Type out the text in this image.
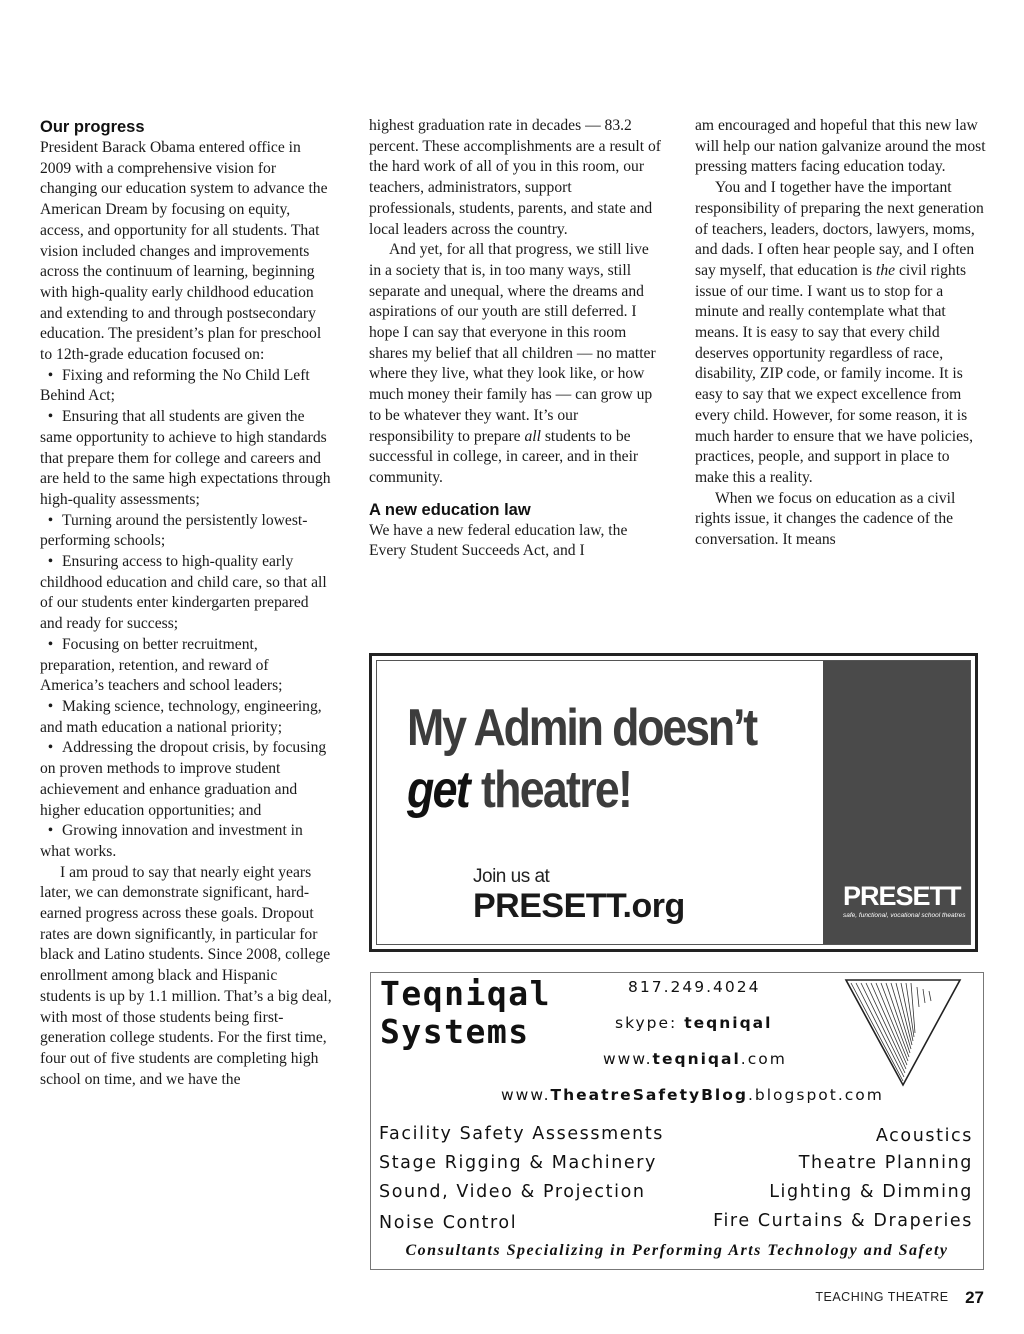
Our progress

President Barack Obama entered office in 2009 with a comprehensive vision for changing our education system to advance the American Dream by focusing on equity, access, and opportunity for all students. That vision included changes and improvements across the continuum of learning, beginning with high-quality early childhood education and extending to and through postsecondary education. The president’s plan for preschool to 12th-grade education focused on:

• Fixing and reforming the No Child Left Behind Act;

• Ensuring that all students are given the same opportunity to achieve to high standards that prepare them for college and careers and are held to the same high expectations through high-quality assessments;

• Turning around the persistently lowest-performing schools;

• Ensuring access to high-quality early childhood education and child care, so that all of our students enter kindergarten prepared and ready for success;

• Focusing on better recruitment, preparation, retention, and reward of America’s teachers and school leaders;

• Making science, technology, engineering, and math education a national priority;

• Addressing the dropout crisis, by focusing on proven methods to improve student achievement and enhance graduation and higher education opportunities; and

• Growing innovation and investment in what works.

I am proud to say that nearly eight years later, we can demonstrate significant, hard-earned progress across these goals. Dropout rates are down significantly, in particular for black and Latino students. Since 2008, college enrollment among black and Hispanic students is up by 1.1 million. That’s a big deal, with most of those students being first-generation college students. For the first time, four out of five students are completing high school on time, and we have the

highest graduation rate in decades — 83.2 percent. These accomplishments are a result of the hard work of all of you in this room, our teachers, administrators, support professionals, students, parents, and state and local leaders across the country.

And yet, for all that progress, we still live in a society that is, in too many ways, still separate and unequal, where the dreams and aspirations of our youth are still deferred. I hope I can say that everyone in this room shares my belief that all children — no matter where they live, what they look like, or how much money their family has — can grow up to be whatever they want. It’s our responsibility to prepare all students to be successful in college, in career, and in their community.

A new education law

We have a new federal education law, the Every Student Succeeds Act, and I

am encouraged and hopeful that this new law will help our nation galvanize around the most pressing matters facing education today.

You and I together have the important responsibility of preparing the next generation of teachers, leaders, doctors, lawyers, moms, and dads. I often hear people say, and I often say myself, that education is the civil rights issue of our time. I want us to stop for a minute and really contemplate what that means. It is easy to say that every child deserves opportunity regardless of race, disability, ZIP code, or family income. It is easy to say that we expect excellence from every child. However, for some reason, it is much harder to ensure that we have policies, practices, people, and support in place to make this a reality.

When we focus on education as a civil rights issue, it changes the cadence of the conversation. It means

My Admin doesn’t
get theatre!
Join us at
PRESETT.org	PRESETT
safe, functional, vocational school theatres
Teqniqal
Systems
817.249.4024
skype: teqniqal
www.teqniqal.com
www.TheatreSafetyBlog.blogspot.com
Facility Safety Assessments
Stage Rigging & Machinery
Sound, Video & Projection
Noise Control
Acoustics
Theatre Planning
Lighting & Dimming
Fire Curtains & Draperies
Consultants Specializing in Performing Arts Technology and Safety
TEACHING THEATRE 27
